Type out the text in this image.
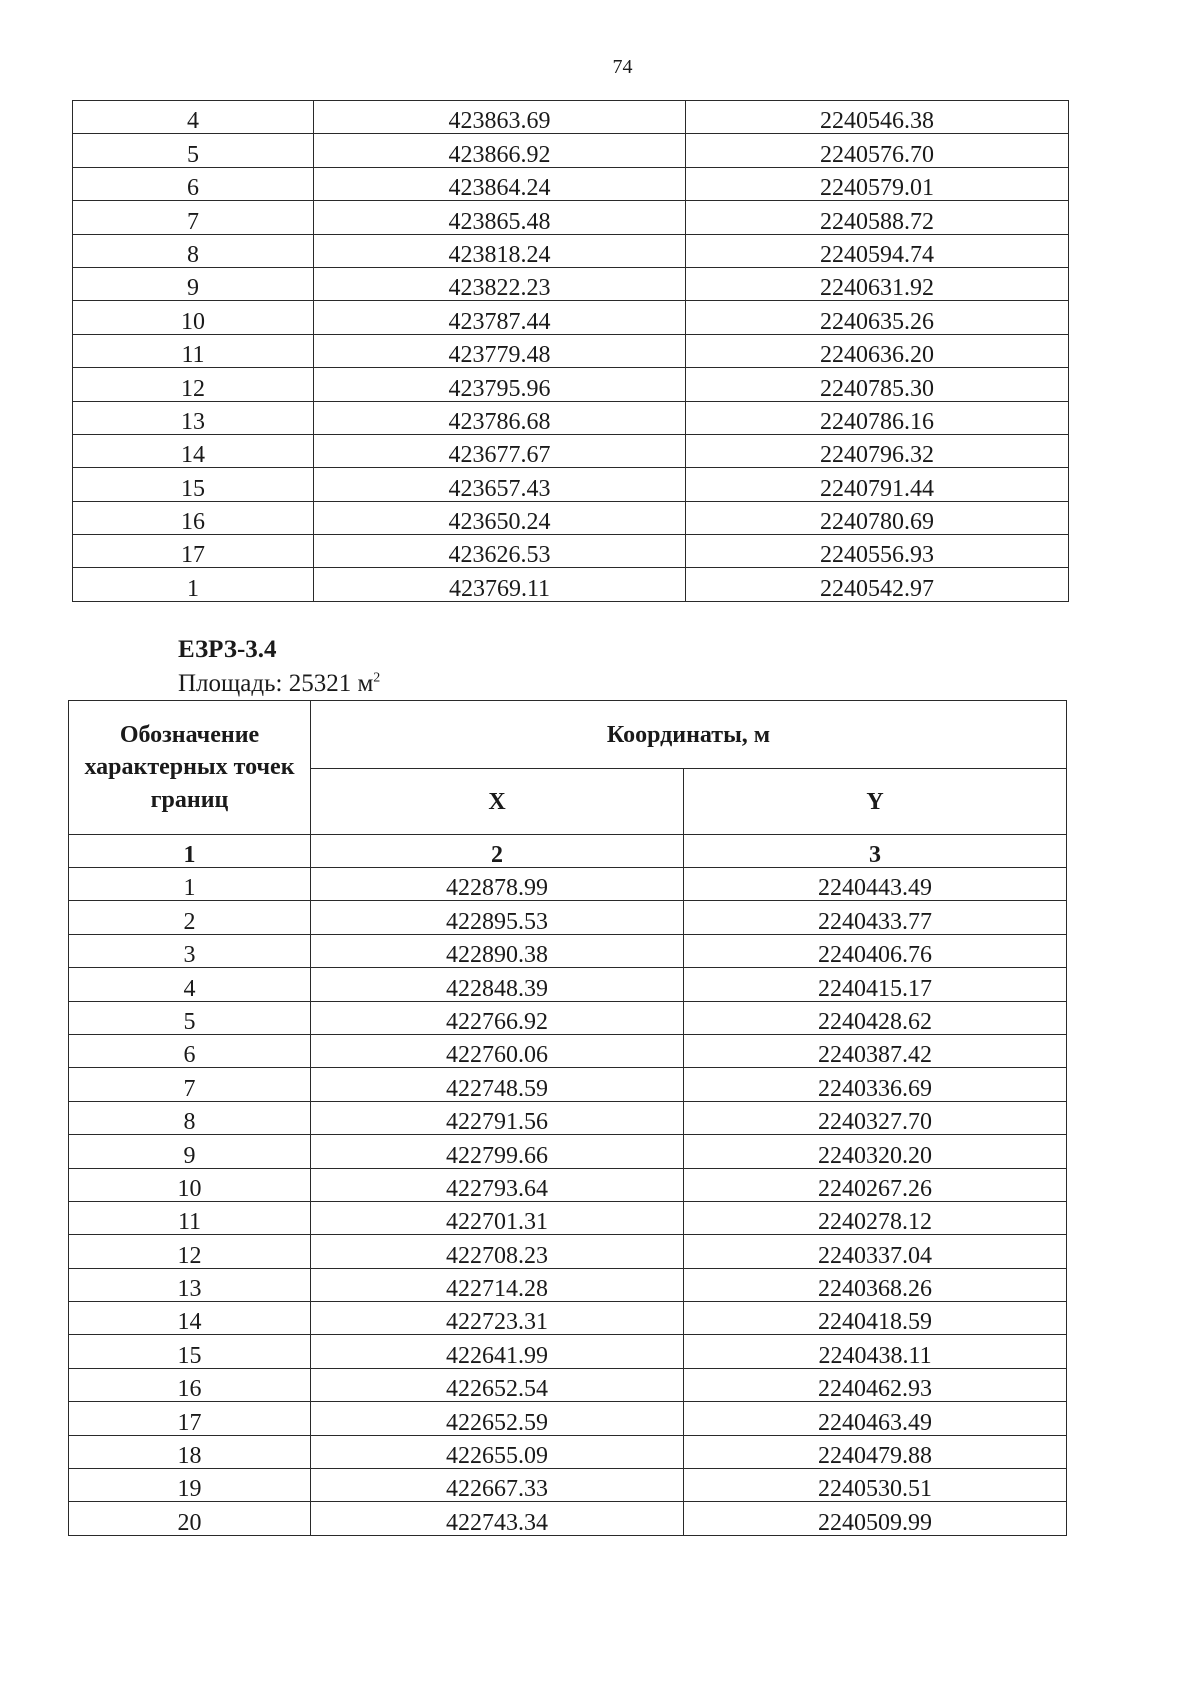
74
4	423863.69	2240546.38
5	423866.92	2240576.70
6	423864.24	2240579.01
7	423865.48	2240588.72
8	423818.24	2240594.74
9	423822.23	2240631.92
10	423787.44	2240635.26
11	423779.48	2240636.20
12	423795.96	2240785.30
13	423786.68	2240786.16
14	423677.67	2240796.32
15	423657.43	2240791.44
16	423650.24	2240780.69
17	423626.53	2240556.93
1	423769.11	2240542.97
ЕЗРЗ-3.4
Площадь: 25321 $м^2$
Обозначение характерных точек границ	Координаты, м	
	X	Y
1	2	3
1	422878.99	2240443.49
2	422895.53	2240433.77
3	422890.38	2240406.76
4	422848.39	2240415.17
5	422766.92	2240428.62
6	422760.06	2240387.42
7	422748.59	2240336.69
8	422791.56	2240327.70
9	422799.66	2240320.20
10	422793.64	2240267.26
11	422701.31	2240278.12
12	422708.23	2240337.04
13	422714.28	2240368.26
14	422723.31	2240418.59
15	422641.99	2240438.11
16	422652.54	2240462.93
17	422652.59	2240463.49
18	422655.09	2240479.88
19	422667.33	2240530.51
20	422743.34	2240509.99
